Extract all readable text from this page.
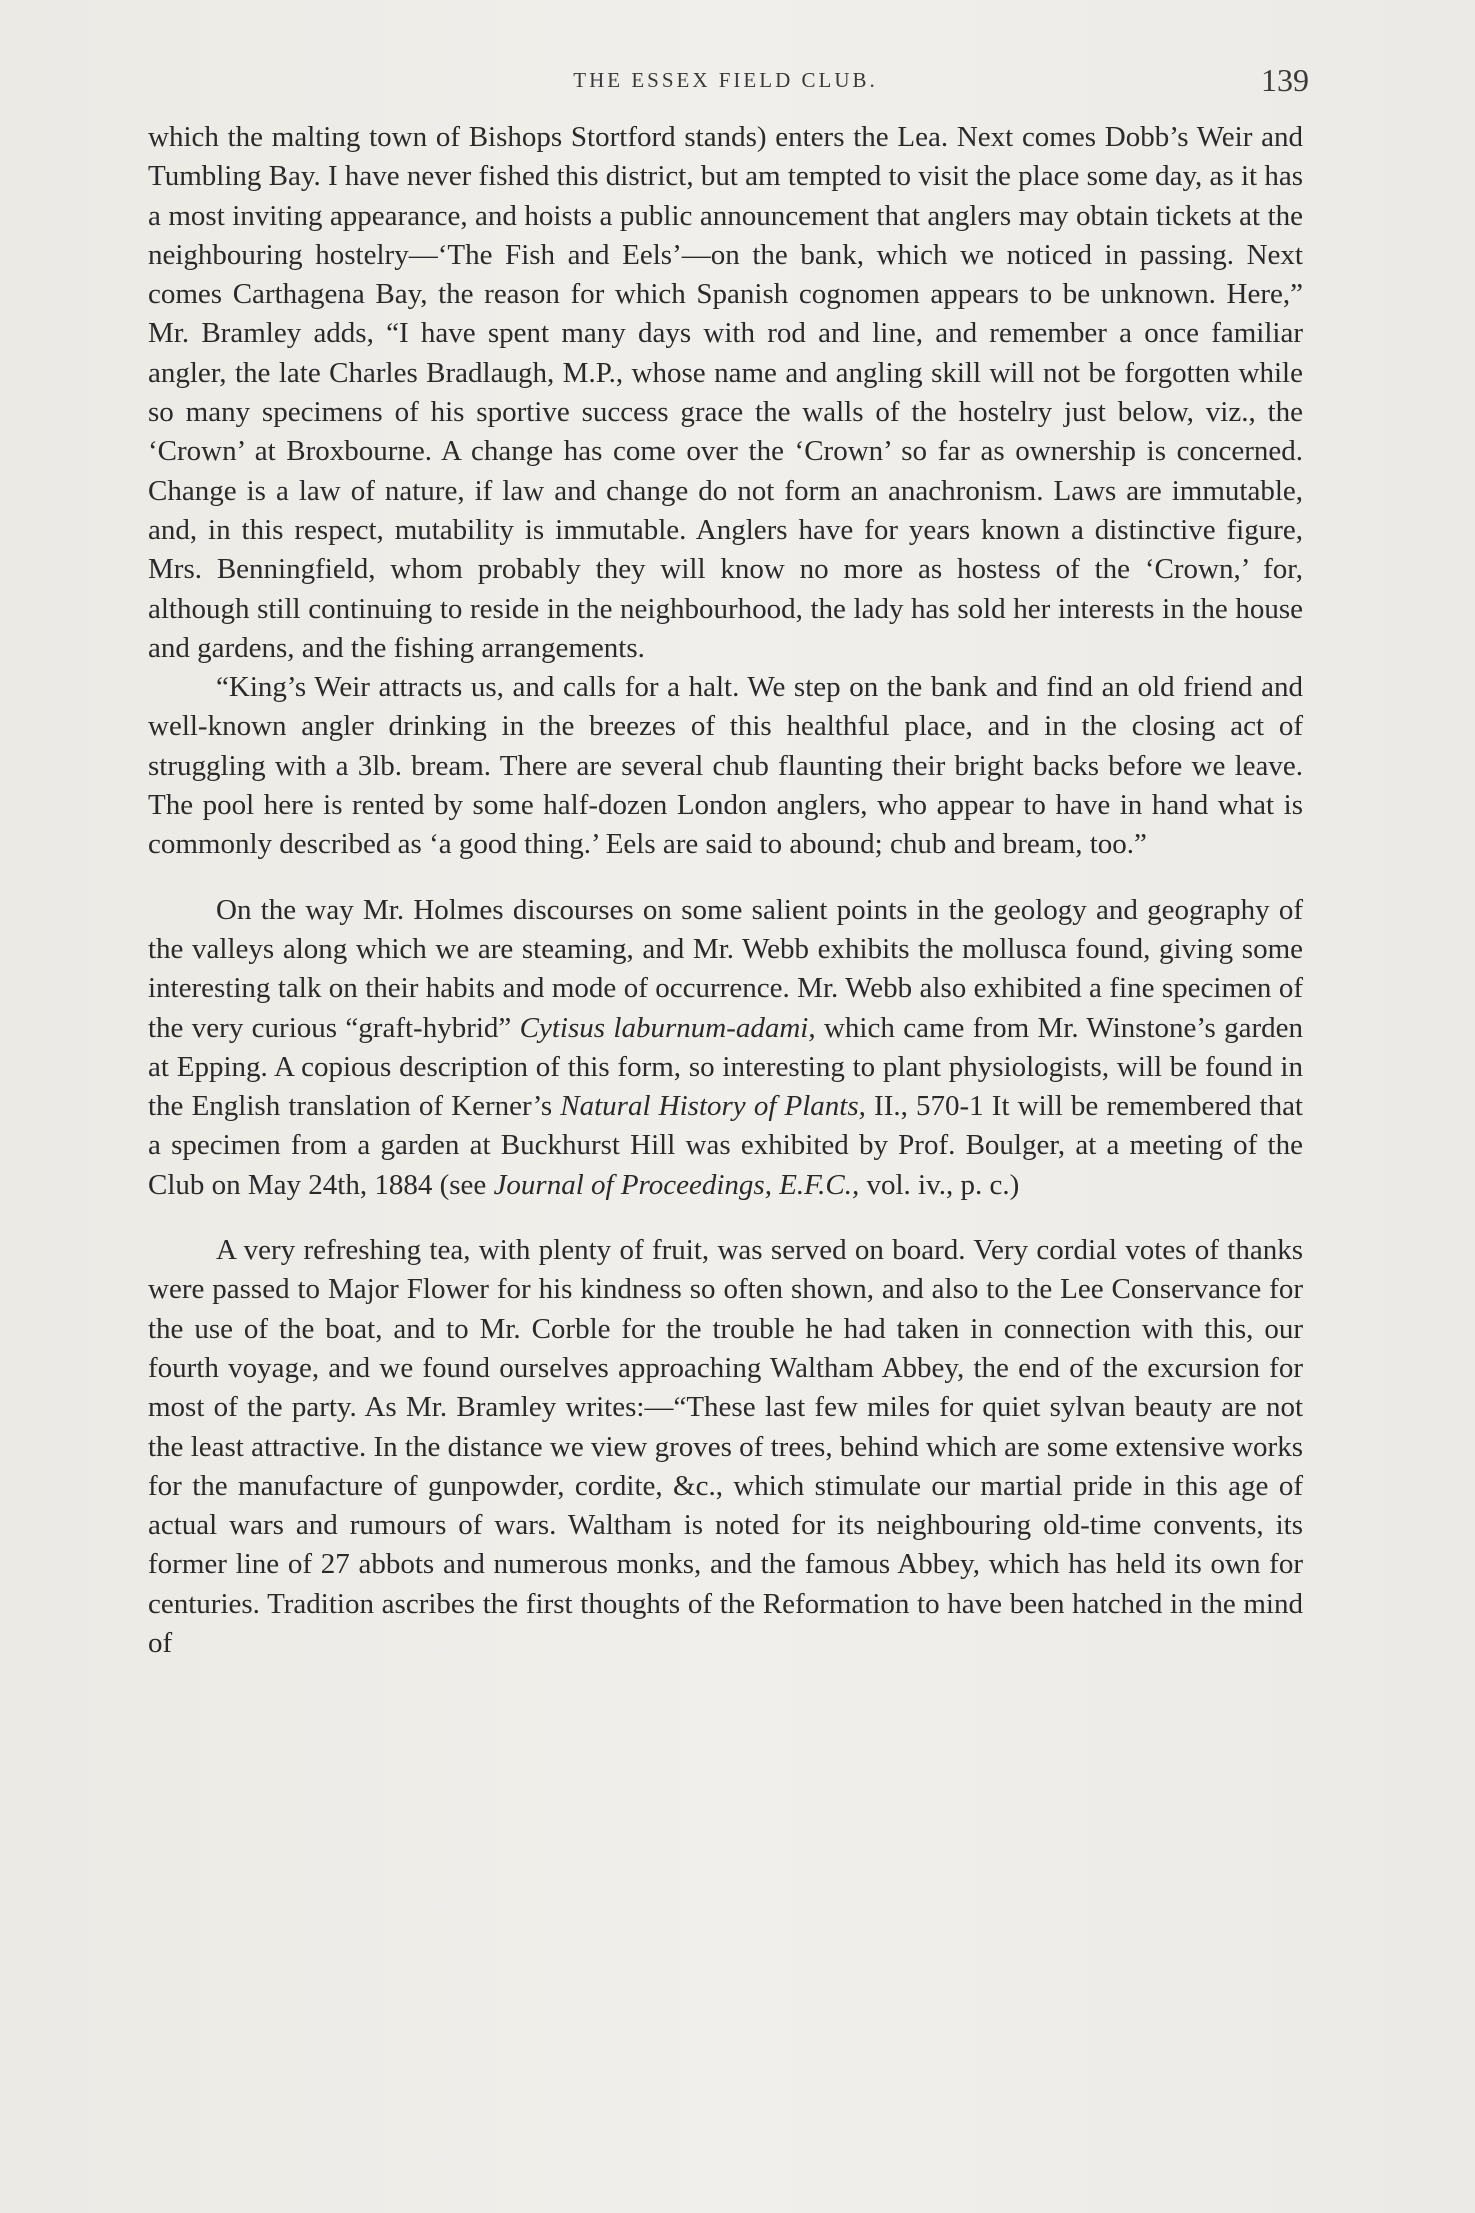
THE ESSEX FIELD CLUB.	139

which the malting town of Bishops Stortford stands) enters the Lea. Next comes Dobb’s Weir and Tumbling Bay. I have never fished this district, but am tempted to visit the place some day, as it has a most inviting appearance, and hoists a public announcement that anglers may obtain tickets at the neighbouring hostelry—‘The Fish and Eels’—on the bank, which we noticed in passing. Next comes Carthagena Bay, the reason for which Spanish cognomen appears to be unknown. Here,” Mr. Bramley adds, “I have spent many days with rod and line, and remember a once familiar angler, the late Charles Bradlaugh, M.P., whose name and angling skill will not be forgotten while so many specimens of his sportive success grace the walls of the hostelry just below, viz., the ‘Crown’ at Broxbourne. A change has come over the ‘Crown’ so far as ownership is concerned. Change is a law of nature, if law and change do not form an anachronism. Laws are immutable, and, in this respect, mutability is immutable. Anglers have for years known a distinctive figure, Mrs. Benningfield, whom probably they will know no more as hostess of the ‘Crown,’ for, although still continuing to reside in the neighbourhood, the lady has sold her interests in the house and gardens, and the fishing arrangements.

“King’s Weir attracts us, and calls for a halt. We step on the bank and find an old friend and well-known angler drinking in the breezes of this healthful place, and in the closing act of struggling with a 3lb. bream. There are several chub flaunting their bright backs before we leave. The pool here is rented by some half-dozen London anglers, who appear to have in hand what is commonly described as ‘a good thing.’ Eels are said to abound; chub and bream, too.”

On the way Mr. Holmes discourses on some salient points in the geology and geography of the valleys along which we are steaming, and Mr. Webb exhibits the mollusca found, giving some interesting talk on their habits and mode of occurrence. Mr. Webb also exhibited a fine specimen of the very curious “graft-hybrid” Cytisus laburnum-adami, which came from Mr. Winstone’s garden at Epping. A copious description of this form, so interesting to plant physiologists, will be found in the English translation of Kerner’s Natural History of Plants, II., 570-1 It will be remembered that a specimen from a garden at Buckhurst Hill was exhibited by Prof. Boulger, at a meeting of the Club on May 24th, 1884 (see Journal of Proceedings, E.F.C., vol. iv., p. c.)

A very refreshing tea, with plenty of fruit, was served on board. Very cordial votes of thanks were passed to Major Flower for his kindness so often shown, and also to the Lee Conservance for the use of the boat, and to Mr. Corble for the trouble he had taken in connection with this, our fourth voyage, and we found ourselves approaching Waltham Abbey, the end of the excursion for most of the party. As Mr. Bramley writes:—“These last few miles for quiet sylvan beauty are not the least attractive. In the distance we view groves of trees, behind which are some extensive works for the manufacture of gunpowder, cordite, &c., which stimulate our martial pride in this age of actual wars and rumours of wars. Waltham is noted for its neighbouring old-time convents, its former line of 27 abbots and numerous monks, and the famous Abbey, which has held its own for centuries. Tradition ascribes the first thoughts of the Reformation to have been hatched in the mind of
